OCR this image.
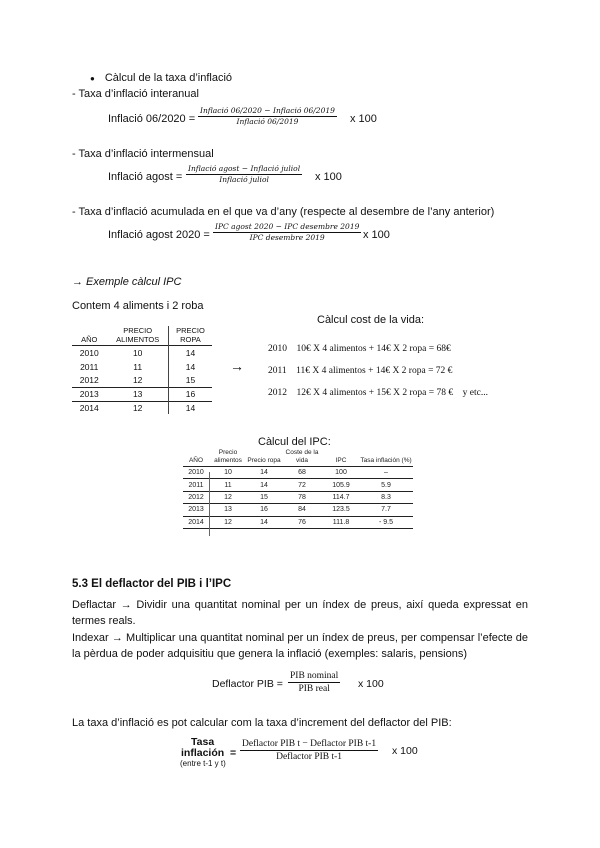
● Càlcul de la taxa d’inflació
- Taxa d’inflació interanual
Inflació 06/2020 =
Inflació 06/2020 − Inflació 06/2019
Inflació 06/2019	x 100
- Taxa d’inflació intermensual
Inflació agost =
Inflació agost − Inflació juliol
Inflació juliol	x 100
- Taxa d’inflació acumulada en el que va d’any (respecte al desembre de l’any anterior)
Inflació agost 2020 =
IPC agost 2020 − IPC desembre 2019
IPC desembre 2019	x 100
→ Exemple càlcul IPC
Contem 4 aliments i 2 roba
Càlcul cost de la vida:
AÑO	PRECIO ALIMENTOS	PRECIO ROPA
2010	10	14
2011	11	14
2012	12	15
2013	13	16
2014	12	14
→
2010    10€ X 4 alimentos + 14€ X 2 ropa = 68€
2011    11€ X 4 alimentos + 14€ X 2 ropa = 72 €
2012    12€ X 4 alimentos + 15€ X 2 ropa = 78 €    y etc...
Càlcul del IPC:
AÑO	Precio alimentos	Precio ropa	Coste de la vida	IPC	Tasa inflación (%)
2010	10	14	68	100	–
2011	11	14	72	105.9	5.9
2012	12	15	78	114.7	8.3
2013	13	16	84	123.5	7.7
2014	12	14	76	111.8	- 9.5
5.3 El deflactor del PIB i l’IPC
Deflactar → Dividir una quantitat nominal per un índex de preus, així queda expressat en termes reals.
Indexar → Multiplicar una quantitat nominal per un índex de preus, per compensar l’efecte de la pèrdua de poder adquisitiu que genera la inflació (exemples: salaris, pensions)
Deflactor PIB =
PIB nominal
PIB real	x 100
La taxa d’inflació es pot calcular com la taxa d’increment del deflactor del PIB:
Tasa
inflación =
(entre t-1 y t)
Deflactor PIB t − Deflactor PIB t-1
Deflactor PIB t-1	x 100
